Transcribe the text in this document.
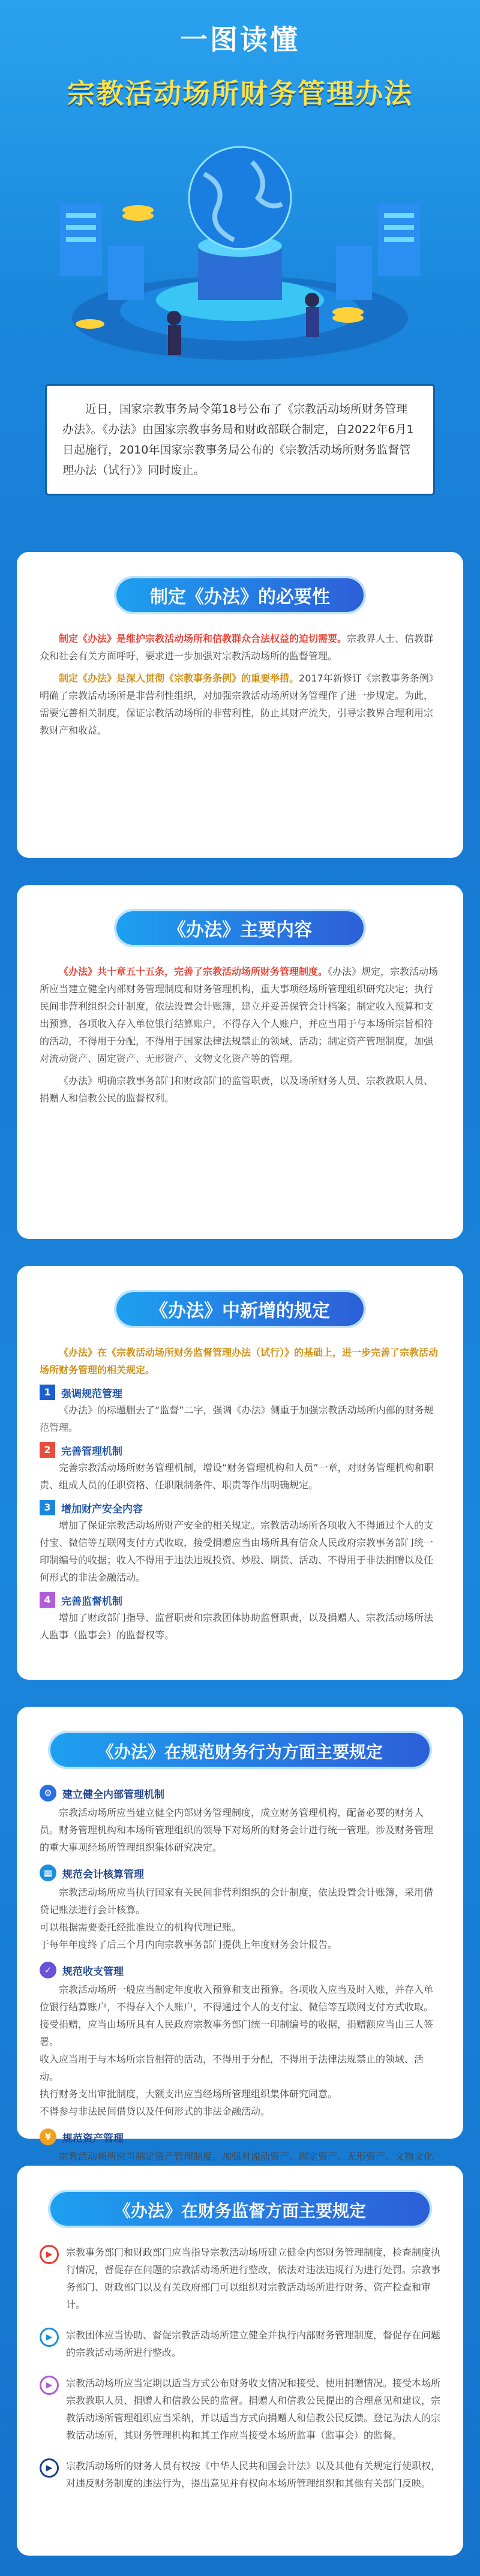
一图读懂
宗教活动场所财务管理办法
近日，国家宗教事务局令第18号公布了《宗教活动场所财务管理办法》。《办法》由国家宗教事务局和财政部联合制定，自2022年6月1日起施行，2010年国家宗教事务局公布的《宗教活动场所财务监督管理办法（试行）》同时废止。
制定《办法》的必要性

制定《办法》是维护宗教活动场所和信教群众合法权益的迫切需要。宗教界人士、信教群众和社会有关方面呼吁，要求进一步加强对宗教活动场所的监督管理。

制定《办法》是深入贯彻《宗教事务条例》的重要举措。2017年新修订《宗教事务条例》明确了宗教活动场所是非营利性组织，对加强宗教活动场所财务管理作了进一步规定。为此，需要完善相关制度，保证宗教活动场所的非营利性，防止其财产流失，引导宗教界合理利用宗教财产和收益。

《办法》主要内容

《办法》共十章五十五条，完善了宗教活动场所财务管理制度。《办法》规定，宗教活动场所应当建立健全内部财务管理制度和财务管理机构，重大事项经场所管理组织研究决定；执行民间非营利组织会计制度，依法设置会计账簿，建立并妥善保管会计档案；制定收入预算和支出预算，各项收入存入单位银行结算账户，不得存入个人账户，并应当用于与本场所宗旨相符的活动，不得用于分配，不得用于国家法律法规禁止的领域、活动；制定资产管理制度，加强对流动资产、固定资产、无形资产、文物文化资产等的管理。

《办法》明确宗教事务部门和财政部门的监管职责，以及场所财务人员、宗教教职人员、捐赠人和信教公民的监督权利。

《办法》中新增的规定

《办法》在《宗教活动场所财务监督管理办法（试行）》的基础上，进一步完善了宗教活动场所财务管理的相关规定。

1	强调规范管理
《办法》的标题删去了“监督”二字，强调《办法》侧重于加强宗教活动场所内部的财务规范管理。
2	完善管理机制
完善宗教活动场所财务管理机制，增设“财务管理机构和人员”一章，对财务管理机构和职责、组成人员的任职资格、任职限制条件、职责等作出明确规定。
3	增加财产安全内容
增加了保证宗教活动场所财产安全的相关规定。宗教活动场所各项收入不得通过个人的支付宝、微信等互联网支付方式收取，接受捐赠应当由场所具有信众人民政府宗教事务部门统一印制编号的收据；收入不得用于违法违规投资、炒股、期货、活动、不得用于非法捐赠以及任何形式的非法金融活动。
4	完善监督机制
增加了财政部门指导、监督职责和宗教团体协助监督职责，以及捐赠人、宗教活动场所法人监事（监事会）的监督权等。
《办法》在规范财务行为方面主要规定
⚙	建立健全内部管理机制
宗教活动场所应当建立健全内部财务管理制度，成立财务管理机构，配备必要的财务人员。财务管理机构和本场所管理组织的领导下对场所的财务会计进行统一管理。涉及财务管理的重大事项经场所管理组织集体研究决定。
▦ 规范会计核算管理
宗教活动场所应当执行国家有关民间非营利组织的会计制度，依法设置会计账簿，采用借贷记账法进行会计核算。
可以根据需要委托经批准设立的机构代理记账。
于每年年度终了后三个月内向宗教事务部门提供上年度财务会计报告。
✓	规范收支管理
宗教活动场所一般应当制定年度收入预算和支出预算。各项收入应当及时入账，并存入单位银行结算账户，不得存入个人账户，不得通过个人的支付宝、微信等互联网支付方式收取。
接受捐赠，应当由场所具有人民政府宗教事务部门统一印制编号的收据，捐赠额应当由三人签署。
收入应当用于与本场所宗旨相符的活动，不得用于分配，不得用于法律法规禁止的领域、活动。
执行财务支出审批制度，大额支出应当经场所管理组织集体研究同意。
不得参与非法民间借贷以及任何形式的非法金融活动。
¥	规范资产管理
宗教活动场所应当制定资产管理制度，加强对流动资产、固定资产、无形资产、文物文化
《办法》在财务监督方面主要规定
▶	宗教事务部门和财政部门应当指导宗教活动场所建立健全内部财务管理制度，检查制度执行情况，督促存在问题的宗教活动场所进行整改，依法对违法违规行为进行处罚。宗教事务部门、财政部门以及有关政府部门可以组织对宗教活动场所进行财务、资产检查和审计。
▶	宗教团体应当协助、督促宗教活动场所建立健全并执行内部财务管理制度，督促存在问题的宗教活动场所进行整改。
▶	宗教活动场所应当定期以适当方式公布财务收支情况和接受、使用捐赠情况。接受本场所宗教教职人员、捐赠人和信教公民的监督。捐赠人和信教公民提出的合理意见和建议，宗教活动场所管理组织应当采纳，并以适当方式向捐赠人和信教公民反馈。登记为法人的宗教活动场所，其财务管理机构和其工作应当接受本场所监事（监事会）的监督。
▶	宗教活动场所的财务人员有权按《中华人民共和国会计法》以及其他有关规定行使职权，对违反财务制度的违法行为，提出意见并有权向本场所管理组织和其他有关部门反映。
